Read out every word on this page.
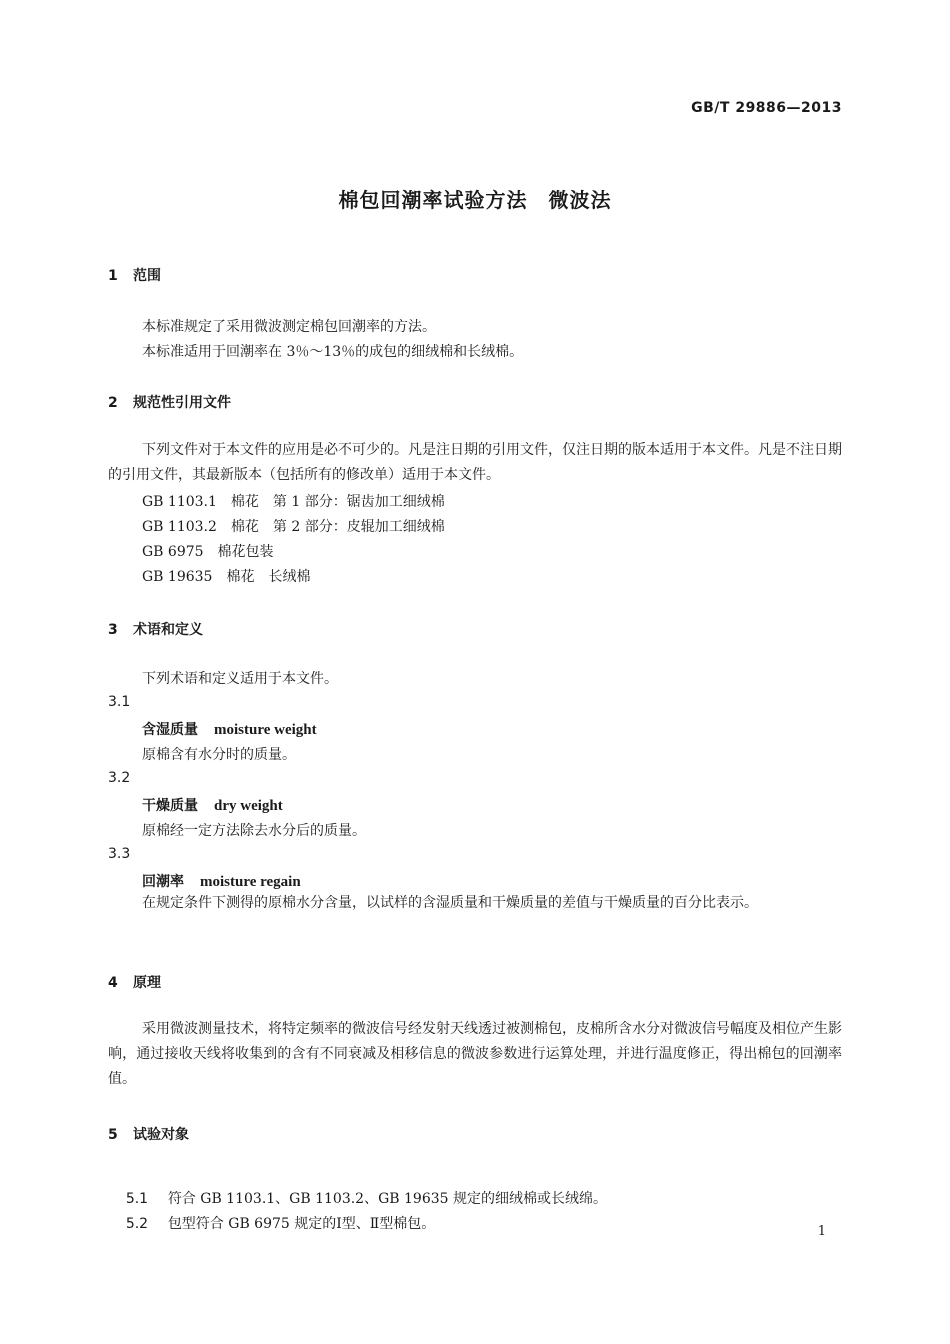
GB/T 29886—2013
棉包回潮率试验方法　微波法
1 范围
本标准规定了采用微波测定棉包回潮率的方法。
本标准适用于回潮率在 3％～13％的成包的细绒棉和长绒棉。
2 规范性引用文件
下列文件对于本文件的应用是必不可少的。凡是注日期的引用文件，仅注日期的版本适用于本文件。凡是不注日期的引用文件，其最新版本（包括所有的修改单）适用于本文件。
GB 1103.1　棉花　第 1 部分：锯齿加工细绒棉
GB 1103.2　棉花　第 2 部分：皮辊加工细绒棉
GB 6975　棉花包装
GB 19635　棉花　长绒棉
3 术语和定义
下列术语和定义适用于本文件。
3.1
含湿质量 moisture weight
原棉含有水分时的质量。
3.2
干燥质量 dry weight
原棉经一定方法除去水分后的质量。
3.3
回潮率 moisture regain
在规定条件下测得的原棉水分含量，以试样的含湿质量和干燥质量的差值与干燥质量的百分比表示。
4 原理
采用微波测量技术，将特定频率的微波信号经发射天线透过被测棉包，皮棉所含水分对微波信号幅度及相位产生影响，通过接收天线将收集到的含有不同衰减及相移信息的微波参数进行运算处理，并进行温度修正，得出棉包的回潮率值。
5 试验对象

5.1 符合 GB 1103.1、GB 1103.2、GB 19635 规定的细绒棉或长绒绵。

5.2 包型符合 GB 6975 规定的Ⅰ型、Ⅱ型棉包。
	1
